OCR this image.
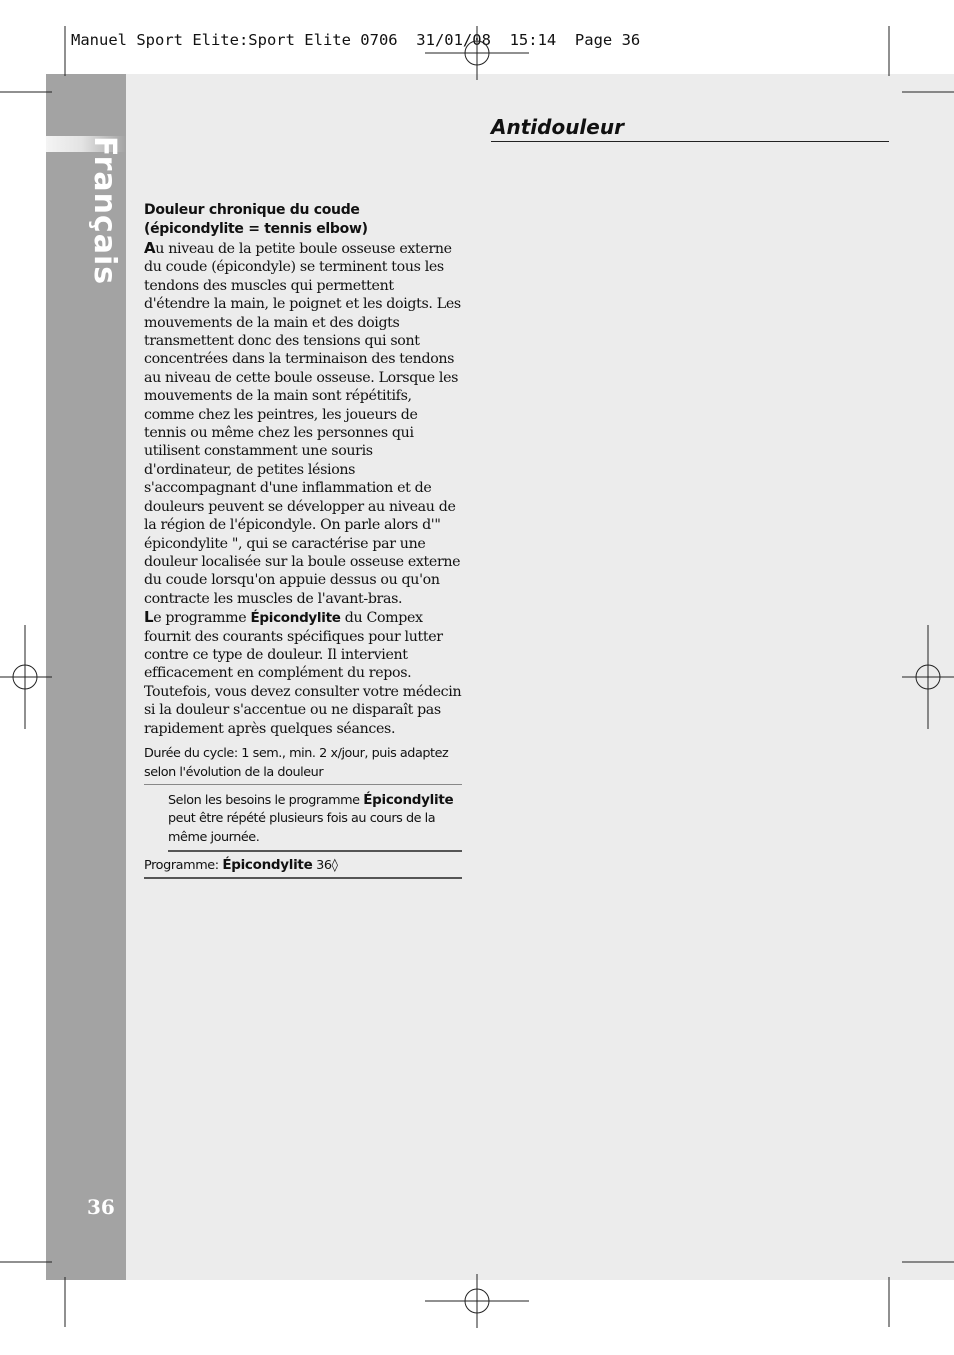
Français
36
Manuel Sport Elite:Sport Elite 0706  31/01/08  15:14  Page 36
Antidouleur
Douleur chronique du coude
(épicondylite = tennis elbow)

Au niveau de la petite boule osseuse externe du coude (épicondyle) se terminent tous les tendons des muscles qui permettent d'étendre la main, le poignet et les doigts. Les mouvements de la main et des doigts transmettent donc des tensions qui sont concentrées dans la terminaison des tendons au niveau de cette boule osseuse. Lorsque les mouvements de la main sont répétitifs, comme chez les peintres, les joueurs de tennis ou même chez les personnes qui utilisent constamment une souris d'ordinateur, de petites lésions s'accompagnant d'une inflammation et de douleurs peuvent se développer au niveau de la région de l'épicondyle. On parle alors d'" épicondylite ", qui se caractérise par une douleur localisée sur la boule osseuse externe du coude lorsqu'on appuie dessus ou qu'on contracte les muscles de l'avant-bras.

Le programme Épicondylite du Compex fournit des courants spécifiques pour lutter contre ce type de douleur. Il intervient efficacement en complément du repos. Toutefois, vous devez consulter votre médecin si la douleur s'accentue ou ne disparaît pas rapidement après quelques séances.

Durée du cycle: 1 sem., min. 2 x/jour, puis adaptez selon l'évolution de la douleur
Selon les besoins le programme Épicondylite peut être répété plusieurs fois au cours de la même journée.
Programme: Épicondylite 36◊
